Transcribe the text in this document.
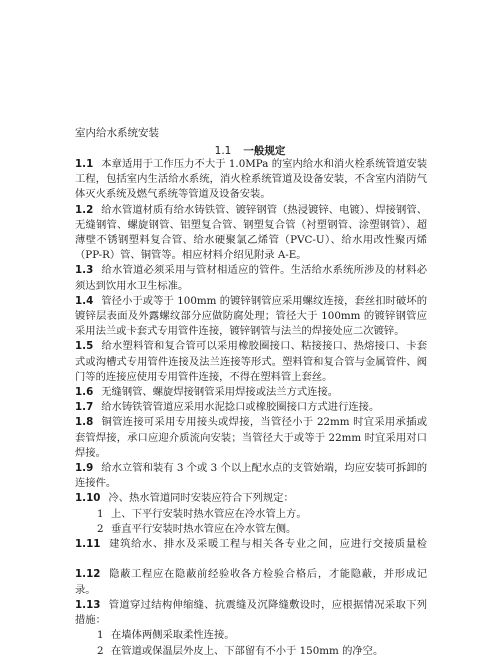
室内给水系统安装
1.1 一般规定

1.1 本章适用于工作压力不大于 1.0MPa 的室内给水和消火栓系统管道安装工程，包括室内生活给水系统，消火栓系统管道及设备安装，不含室内消防气体灭火系统及燃气系统等管道及设备安装。

1.2 给水管道材质有给水铸铁管、镀锌钢管（热浸镀锌、电镀）、焊接钢管、无缝钢管、螺旋钢管、铝塑复合管、钢塑复合管（衬塑钢管、涂塑钢管）、超薄壁不锈钢塑料复合管、给水硬聚氯乙烯管（PVC-U）、给水用改性聚丙烯（PP-R）管、铜管等。相应材料介绍见附录 A-E。

1.3 给水管道必须采用与管材相适应的管件。生活给水系统所涉及的材料必须达到饮用水卫生标准。

1.4 管径小于或等于 100mm 的镀锌钢管应采用螺纹连接，套丝扣时破坏的镀锌层表面及外露螺纹部分应做防腐处理；管径大于 100mm 的镀锌钢管应采用法兰或卡套式专用管件连接，镀锌钢管与法兰的焊接处应二次镀锌。

1.5 给水塑料管和复合管可以采用橡胶圈接口、粘接接口、热熔接口、卡套式或沟槽式专用管件连接及法兰连接等形式。塑料管和复合管与金属管件、阀门等的连接应使用专用管件连接，不得在塑料管上套丝。

1.6 无缝钢管、螺旋焊接钢管采用焊接或法兰方式连接。

1.7 给水铸铁管管道应采用水泥捻口或橡胶圈接口方式进行连接。

1.8 铜管连接可采用专用接头或焊接，当管径小于 22mm 时宜采用承插或套管焊接，承口应迎介质流向安装；当管径大于或等于 22mm 时宜采用对口焊接。

1.9 给水立管和装有 3 个或 3 个以上配水点的支管始端，均应安装可拆卸的连接件。

1.10 冷、热水管道同时安装应符合下列规定：

1 上、下平行安装时热水管应在冷水管上方。

2 垂直平行安装时热水管应在冷水管左侧。

1.11 建筑给水、排水及采暖工程与相关各专业之间，应进行交接质量检

1.12 隐蔽工程应在隐蔽前经验收各方检验合格后，才能隐蔽，并形成记录。

1.13 管道穿过结构伸缩缝、抗震缝及沉降缝敷设时，应根据情况采取下列措施：

1 在墙体两侧采取柔性连接。

2 在管道或保温层外皮上、下部留有不小于 150mm 的净空。
